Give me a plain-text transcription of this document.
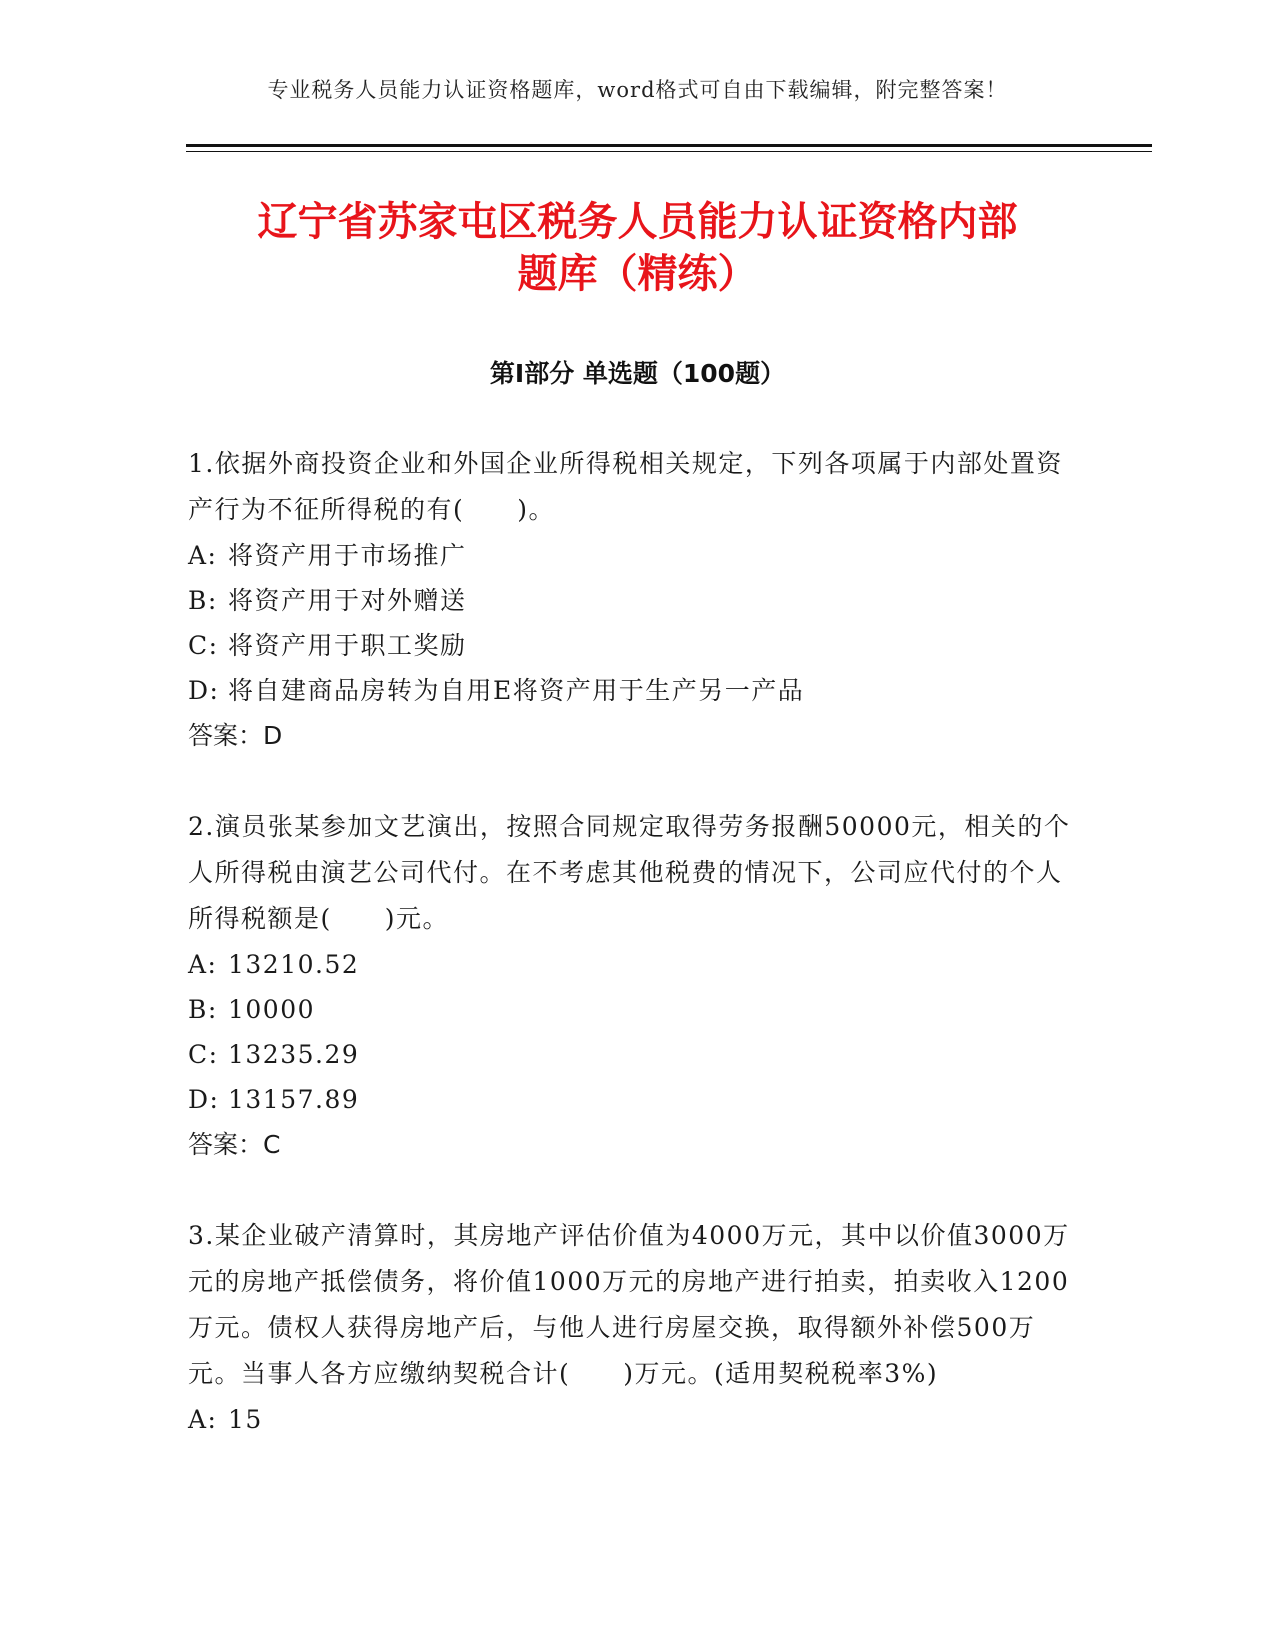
专业税务人员能力认证资格题库，word格式可自由下载编辑，附完整答案！
辽宁省苏家屯区税务人员能力认证资格内部
题库（精练）
第Ⅰ部分 单选题（100题）

1.依据外商投资企业和外国企业所得税相关规定，下列各项属于内部处置资产行为不征所得税的有(　　)。

A: 将资产用于市场推广

B: 将资产用于对外赠送

C: 将资产用于职工奖励

D: 将自建商品房转为自用E将资产用于生产另一产品

答案：D

2.演员张某参加文艺演出，按照合同规定取得劳务报酬50000元，相关的个人所得税由演艺公司代付。在不考虑其他税费的情况下，公司应代付的个人所得税额是(　　)元。

A: 13210.52

B: 10000

C: 13235.29

D: 13157.89

答案：C

3.某企业破产清算时，其房地产评估价值为4000万元，其中以价值3000万元的房地产抵偿债务，将价值1000万元的房地产进行拍卖，拍卖收入1200万元。债权人获得房地产后，与他人进行房屋交换，取得额外补偿500万元。当事人各方应缴纳契税合计(　　)万元。(适用契税税率3%)

A: 15
